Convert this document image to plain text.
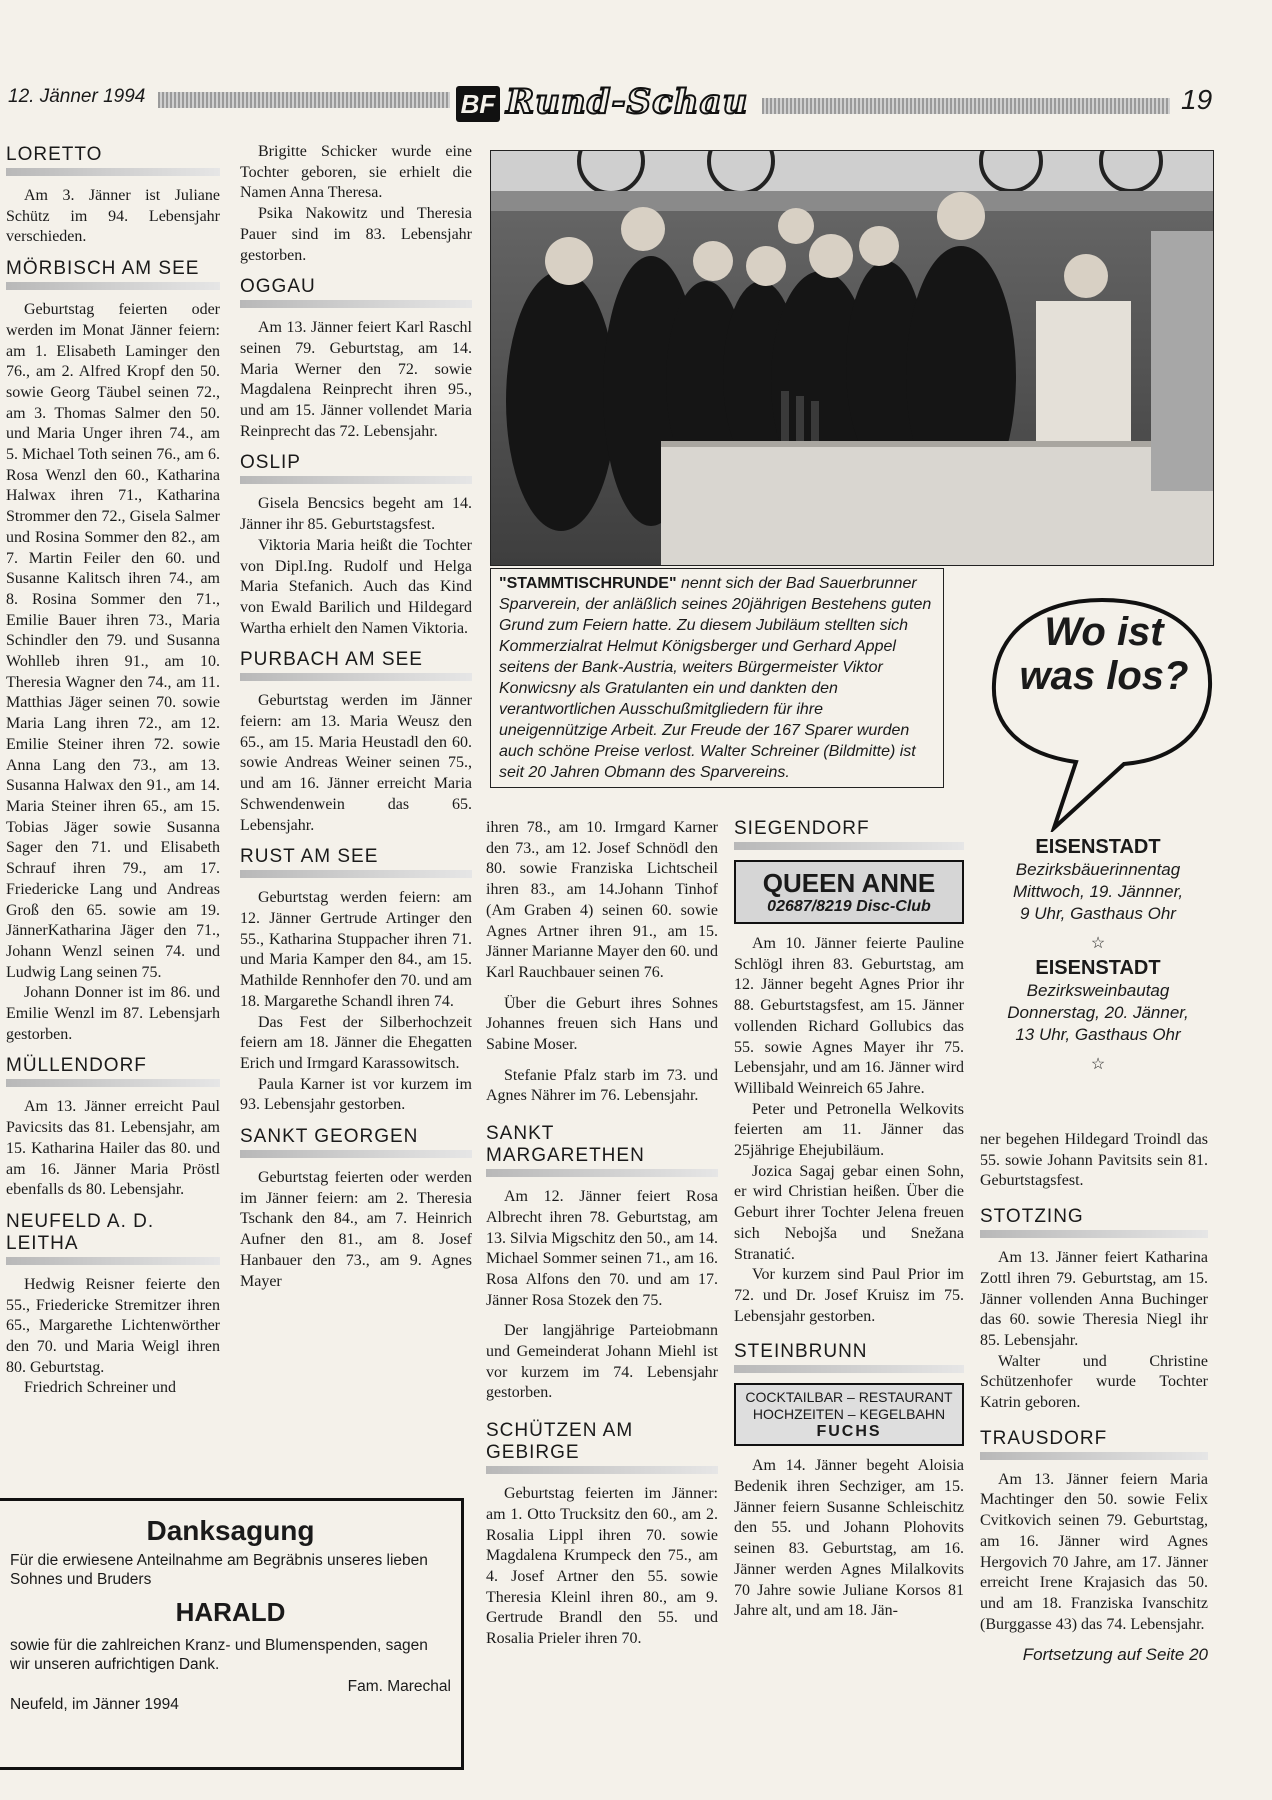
12. Jänner 1994	BF Rund-Schau	19
LORETTO

Am 3. Jänner ist Juliane Schütz im 94. Lebensjahr verschieden.

MÖRBISCH AM SEE

Geburtstag feierten oder werden im Monat Jänner feiern: am 1. Elisabeth Laminger den 76., am 2. Alfred Kropf den 50. sowie Georg Täubel seinen 72., am 3. Thomas Salmer den 50. und Maria Unger ihren 74., am 5. Michael Toth seinen 76., am 6. Rosa Wenzl den 60., Katharina Halwax ihren 71., Katharina Strommer den 72., Gisela Salmer und Rosina Sommer den 82., am 7. Martin Feiler den 60. und Susanne Kalitsch ihren 74., am 8. Rosina Sommer den 71., Emilie Bauer ihren 73., Maria Schindler den 79. und Susanna Wohlleb ihren 91., am 10. Theresia Wagner den 74., am 11. Matthias Jäger seinen 70. sowie Maria Lang ihren 72., am 12. Emilie Steiner ihren 72. sowie Anna Lang den 73., am 13. Susanna Halwax den 91., am 14. Maria Steiner ihren 65., am 15. Tobias Jäger sowie Susanna Sager den 71. und Elisabeth Schrauf ihren 79., am 17. Friedericke Lang und Andreas Groß den 65. sowie am 19. JännerKatharina Jäger den 71., Johann Wenzl seinen 74. und Ludwig Lang seinen 75.

Johann Donner ist im 86. und Emilie Wenzl im 87. Lebensjarh gestorben.

MÜLLENDORF

Am 13. Jänner erreicht Paul Pavicsits das 81. Lebensjahr, am 15. Katharina Hailer das 80. und am 16. Jänner Maria Pröstl ebenfalls ds 80. Lebensjahr.

NEUFELD A. D. LEITHA

Hedwig Reisner feierte den 55., Friedericke Stremitzer ihren 65., Margarethe Lichtenwörther den 70. und Maria Weigl ihren 80. Geburtstag.

Friedrich Schreiner und

Brigitte Schicker wurde eine Tochter geboren, sie erhielt die Namen Anna Theresa.

Psika Nakowitz und Theresia Pauer sind im 83. Lebensjahr gestorben.

OGGAU

Am 13. Jänner feiert Karl Raschl seinen 79. Geburtstag, am 14. Maria Werner den 72. sowie Magdalena Reinprecht ihren 95., und am 15. Jänner vollendet Maria Reinprecht das 72. Lebensjahr.

OSLIP

Gisela Bencsics begeht am 14. Jänner ihr 85. Geburtstagsfest.

Viktoria Maria heißt die Tochter von Dipl.Ing. Rudolf und Helga Maria Stefanich. Auch das Kind von Ewald Barilich und Hildegard Wartha erhielt den Namen Viktoria.

PURBACH AM SEE

Geburtstag werden im Jänner feiern: am 13. Maria Weusz den 65., am 15. Maria Heustadl den 60. sowie Andreas Weiner seinen 75., und am 16. Jänner erreicht Maria Schwendenwein das 65. Lebensjahr.

RUST AM SEE

Geburtstag werden feiern: am 12. Jänner Gertrude Artinger den 55., Katharina Stuppacher ihren 71. und Maria Kamper den 84., am 15. Mathilde Rennhofer den 70. und am 18. Margarethe Schandl ihren 74.

Das Fest der Silberhochzeit feiern am 18. Jänner die Ehegatten Erich und Irmgard Karassowitsch.

Paula Karner ist vor kurzem im 93. Lebensjahr gestorben.

SANKT GEORGEN

Geburtstag feierten oder werden im Jänner feiern: am 2. Theresia Tschank den 84., am 7. Heinrich Aufner den 81., am 8. Josef Hanbauer den 73., am 9. Agnes Mayer

"STAMMTISCHRUNDE" nennt sich der Bad Sauerbrunner Sparverein, der anläßlich seines 20jährigen Bestehens guten Grund zum Feiern hatte. Zu diesem Jubiläum stellten sich Kommerzialrat Helmut Königsberger und Gerhard Appel seitens der Bank-Austria, weiters Bürgermeister Viktor Konwicsny als Gratulanten ein und dankten den verantwortlichen Ausschußmitgliedern für ihre uneigennützige Arbeit. Zur Freude der 167 Sparer wurden auch schöne Preise verlost. Walter Schreiner (Bildmitte) ist seit 20 Jahren Obmann des Sparvereins.

ihren 78., am 10. Irmgard Karner den 73., am 12. Josef Schnödl den 80. sowie Franziska Lichtscheil ihren 83., am 14.Johann Tinhof (Am Graben 4) seinen 60. sowie Agnes Artner ihren 91., am 15. Jänner Marianne Mayer den 60. und Karl Rauchbauer seinen 76.

Über die Geburt ihres Sohnes Johannes freuen sich Hans und Sabine Moser.

Stefanie Pfalz starb im 73. und Agnes Nährer im 76. Lebensjahr.

SANKT MARGARETHEN

Am 12. Jänner feiert Rosa Albrecht ihren 78. Geburtstag, am 13. Silvia Migschitz den 50., am 14. Michael Sommer seinen 71., am 16. Rosa Alfons den 70. und am 17. Jänner Rosa Stozek den 75.

Der langjährige Parteiobmann und Gemeinderat Johann Miehl ist vor kurzem im 74. Lebensjahr gestorben.

SCHÜTZEN AM GEBIRGE

Geburtstag feierten im Jänner: am 1. Otto Trucksitz den 60., am 2. Rosalia Lippl ihren 70. sowie Magdalena Krumpeck den 75., am 4. Josef Artner den 55. sowie Theresia Kleinl ihren 80., am 9. Gertrude Brandl den 55. und Rosalia Prieler ihren 70.

SIEGENDORF
QUEEN ANNE
02687/8219 Disc-Club

Am 10. Jänner feierte Pauline Schlögl ihren 83. Geburtstag, am 12. Jänner begeht Agnes Prior ihr 88. Geburtstagsfest, am 15. Jänner vollenden Richard Gollubics das 55. sowie Agnes Mayer ihr 75. Lebensjahr, und am 16. Jänner wird Willibald Weinreich 65 Jahre.

Peter und Petronella Welkovits feierten am 11. Jänner das 25jährige Ehejubiläum.

Jozica Sagaj gebar einen Sohn, er wird Christian heißen. Über die Geburt ihrer Tochter Jelena freuen sich Nebojša und Snežana Stranatić.

Vor kurzem sind Paul Prior im 72. und Dr. Josef Kruisz im 75. Lebensjahr gestorben.

STEINBRUNN
COCKTAILBAR – RESTAURANT
HOCHZEITEN – KEGELBAHN
FUCHS

Am 14. Jänner begeht Aloisia Bedenik ihren Sechziger, am 15. Jänner feiern Susanne Schleischitz den 55. und Johann Plohovits seinen 83. Geburtstag, am 16. Jänner werden Agnes Milalkovits 70 Jahre sowie Juliane Korsos 81 Jahre alt, und am 18. Jän-

Wo ist was los?
EISENSTADT
Bezirksbäuerinnentag
Mittwoch, 19. Jännner,
9 Uhr, Gasthaus Ohr
☆
EISENSTADT
Bezirksweinbautag
Donnerstag, 20. Jänner,
13 Uhr, Gasthaus Ohr
☆

ner begehen Hildegard Troindl das 55. sowie Johann Pavitsits sein 81. Geburtstagsfest.

STOTZING

Am 13. Jänner feiert Katharina Zottl ihren 79. Geburtstag, am 15. Jänner vollenden Anna Buchinger das 60. sowie Theresia Niegl ihr 85. Lebensjahr.

Walter und Christine Schützenhofer wurde Tochter Katrin geboren.

TRAUSDORF

Am 13. Jänner feiern Maria Machtinger den 50. sowie Felix Cvitkovich seinen 79. Geburtstag, am 16. Jänner wird Agnes Hergovich 70 Jahre, am 17. Jänner erreicht Irene Krajasich das 50. und am 18. Franziska Ivanschitz (Burggasse 43) das 74. Lebensjahr.

Fortsetzung auf Seite 20
Danksagung
Für die erwiesene Anteilnahme am Begräbnis unseres lieben Sohnes und Bruders
HARALD
sowie für die zahlreichen Kranz- und Blumenspenden, sagen wir unseren aufrichtigen Dank.
Fam. Marechal
Neufeld, im Jänner 1994
